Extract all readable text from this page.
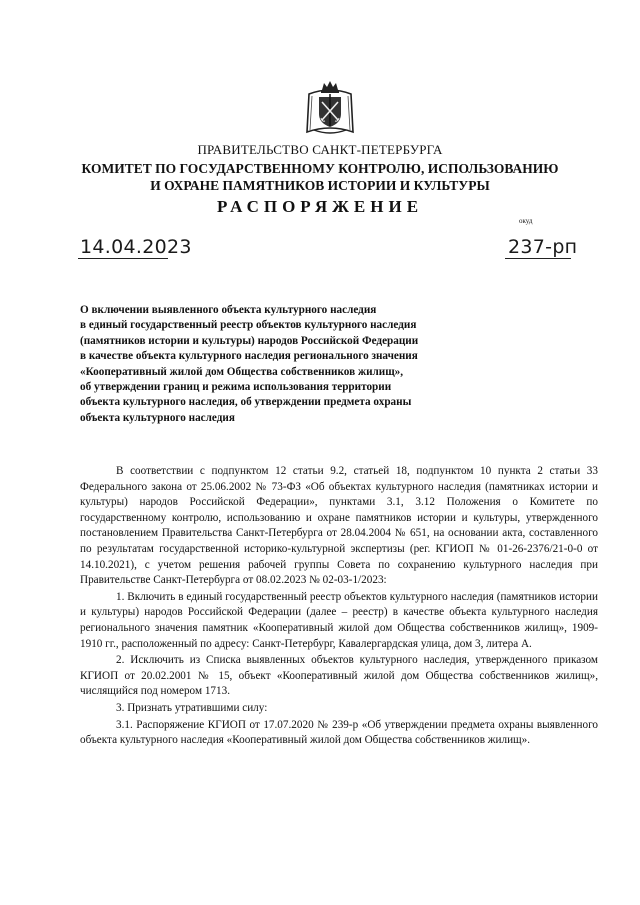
ПРАВИТЕЛЬСТВО САНКТ-ПЕТЕРБУРГА
КОМИТЕТ ПО ГОСУДАРСТВЕННОМУ КОНТРОЛЮ, ИСПОЛЬЗОВАНИЮ
И ОХРАНЕ ПАМЯТНИКОВ ИСТОРИИ И КУЛЬТУРЫ
РАСПОРЯЖЕНИЕ
окуд
14.04.2023	237-рп
О включении выявленного объекта культурного наследия
в единый государственный реестр объектов культурного наследия
(памятников истории и культуры) народов Российской Федерации
в качестве объекта культурного наследия регионального значения
«Кооперативный жилой дом Общества собственников жилищ»,
об утверждении границ и режима использования территории
объекта культурного наследия, об утверждении предмета охраны
объекта культурного наследия

В соответствии с подпунктом 12 статьи 9.2, статьей 18, подпунктом 10 пункта 2 статьи 33 Федерального закона от 25.06.2002 № 73-ФЗ «Об объектах культурного наследия (памятниках истории и культуры) народов Российской Федерации», пунктами 3.1, 3.12 Положения о Комитете по государственному контролю, использованию и охране памятников истории и культуры, утвержденного постановлением Правительства Санкт-Петербурга от 28.04.2004 № 651, на основании акта, составленного по результатам государственной историко-культурной экспертизы (рег. КГИОП № 01-26-2376/21-0-0 от 14.10.2021), с учетом решения рабочей группы Совета по сохранению культурного наследия при Правительстве Санкт-Петербурга от 08.02.2023 № 02-03-1/2023:

1. Включить в единый государственный реестр объектов культурного наследия (памятников истории и культуры) народов Российской Федерации (далее – реестр) в качестве объекта культурного наследия регионального значения памятник «Кооперативный жилой дом Общества собственников жилищ», 1909-1910 гг., расположенный по адресу: Санкт-Петербург, Кавалергардская улица, дом 3, литера А.

2. Исключить из Списка выявленных объектов культурного наследия, утвержденного приказом КГИОП от 20.02.2001 № 15, объект «Кооперативный жилой дом Общества собственников жилищ», числящийся под номером 1713.

3. Признать утратившими силу:

3.1. Распоряжение КГИОП от 17.07.2020 № 239-р «Об утверждении предмета охраны выявленного объекта культурного наследия «Кооперативный жилой дом Общества собственников жилищ».
